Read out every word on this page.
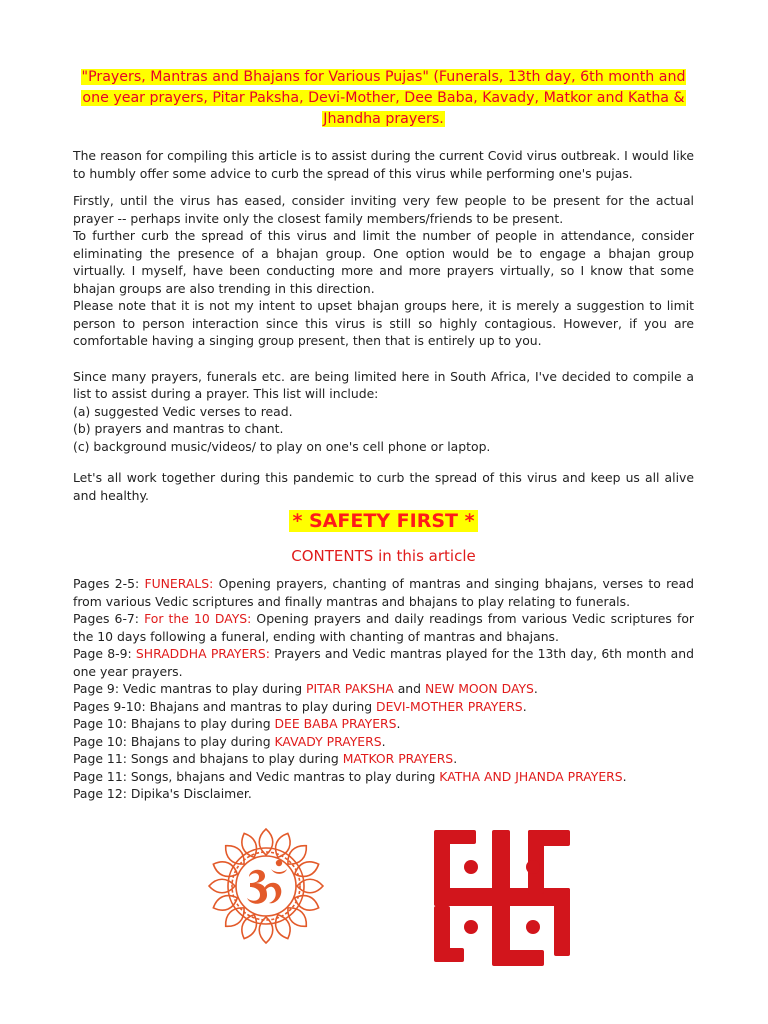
"Prayers, Mantras and Bhajans for Various Pujas" (Funerals, 13th day, 6th month and one year prayers, Pitar Paksha, Devi-Mother, Dee Baba, Kavady, Matkor and Katha & Jhandha prayers.

The reason for compiling this article is to assist during the current Covid virus outbreak. I would like to humbly offer some advice to curb the spread of this virus while performing one's pujas.

Firstly, until the virus has eased, consider inviting very few people to be present for the actual prayer -- perhaps invite only the closest family members/friends to be present.

To further curb the spread of this virus and limit the number of people in attendance, consider eliminating the presence of a bhajan group. One option would be to engage a bhajan group virtually. I myself, have been conducting more and more prayers virtually, so I know that some bhajan groups are also trending in this direction.

Please note that it is not my intent to upset bhajan groups here, it is merely a suggestion to limit person to person interaction since this virus is still so highly contagious. However, if you are comfortable having a singing group present, then that is entirely up to you.

Since many prayers, funerals etc. are being limited here in South Africa, I've decided to compile a list to assist during a prayer. This list will include:

(a) suggested Vedic verses to read.

(b) prayers and mantras to chant.

(c) background music/videos/ to play on one's cell phone or laptop.

Let's all work together during this pandemic to curb the spread of this virus and keep us all alive and healthy.

* SAFETY FIRST *
CONTENTS in this article

Pages 2-5: FUNERALS: Opening prayers, chanting of mantras and singing bhajans, verses to read from various Vedic scriptures and finally mantras and bhajans to play relating to funerals.

Pages 6-7: For the 10 DAYS: Opening prayers and daily readings from various Vedic scriptures for the 10 days following a funeral, ending with chanting of mantras and bhajans.

Page 8-9: SHRADDHA PRAYERS: Prayers and Vedic mantras played for the 13th day, 6th month and one year prayers.

Page 9: Vedic mantras to play during PITAR PAKSHA and NEW MOON DAYS.

Pages 9-10: Bhajans and mantras to play during DEVI-MOTHER PRAYERS.

Page 10: Bhajans to play during DEE BABA PRAYERS.

Page 10: Bhajans to play during KAVADY PRAYERS.

Page 11: Songs and bhajans to play during MATKOR PRAYERS.

Page 11: Songs, bhajans and Vedic mantras to play during KATHA AND JHANDA PRAYERS.

Page 12: Dipika's Disclaimer.
